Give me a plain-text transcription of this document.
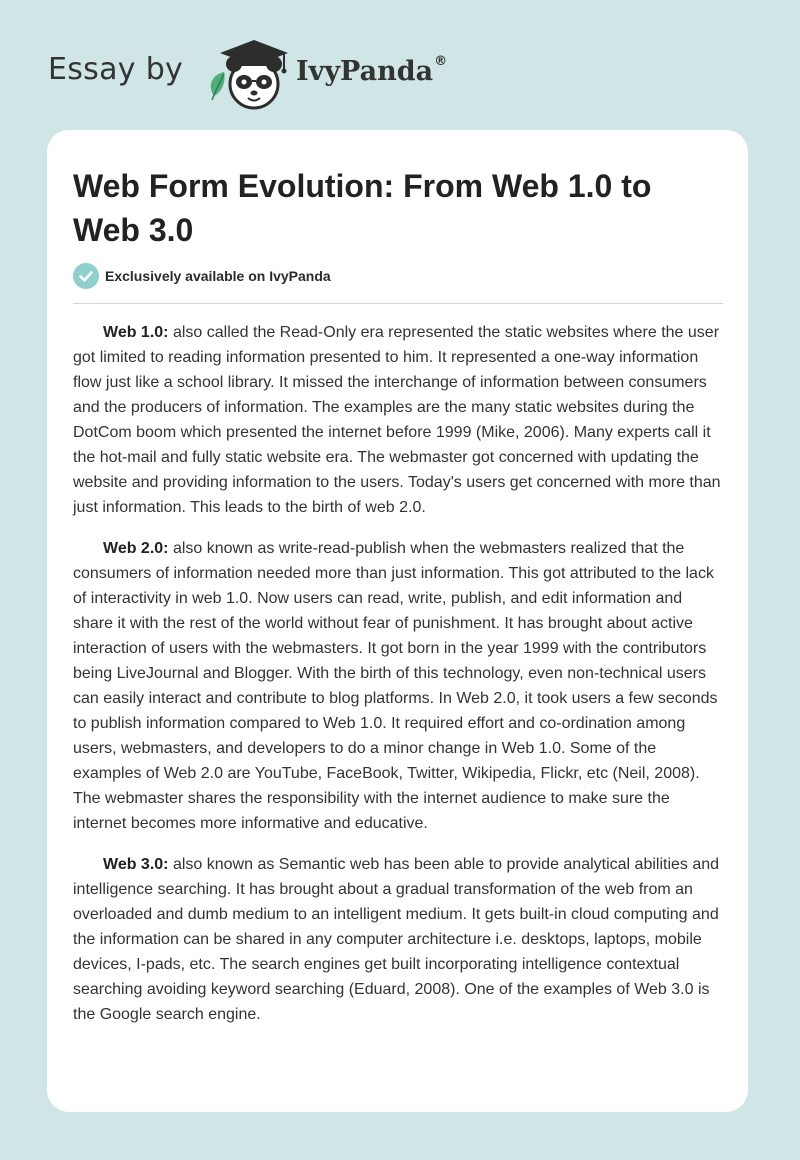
Essay by	IvyPanda®
Web Form Evolution: From Web 1.0 to Web 3.0
Exclusively available on IvyPanda

Web 1.0: also called the Read-Only era represented the static websites where the user got limited to reading information presented to him. It represented a one-way information flow just like a school library. It missed the interchange of information between consumers and the producers of information. The examples are the many static websites during the DotCom boom which presented the internet before 1999 (Mike, 2006). Many experts call it the hot-mail and fully static website era. The webmaster got concerned with updating the website and providing information to the users. Today's users get concerned with more than just information. This leads to the birth of web 2.0.

Web 2.0: also known as write-read-publish when the webmasters realized that the consumers of information needed more than just information. This got attributed to the lack of interactivity in web 1.0. Now users can read, write, publish, and edit information and share it with the rest of the world without fear of punishment. It has brought about active interaction of users with the webmasters. It got born in the year 1999 with the contributors being LiveJournal and Blogger. With the birth of this technology, even non-technical users can easily interact and contribute to blog platforms. In Web 2.0, it took users a few seconds to publish information compared to Web 1.0. It required effort and co-ordination among users, webmasters, and developers to do a minor change in Web 1.0. Some of the examples of Web 2.0 are YouTube, FaceBook, Twitter, Wikipedia, Flickr, etc (Neil, 2008). The webmaster shares the responsibility with the internet audience to make sure the internet becomes more informative and educative.

Web 3.0: also known as Semantic web has been able to provide analytical abilities and intelligence searching. It has brought about a gradual transformation of the web from an overloaded and dumb medium to an intelligent medium. It gets built-in cloud computing and the information can be shared in any computer architecture i.e. desktops, laptops, mobile devices, I-pads, etc. The search engines get built incorporating intelligence contextual searching avoiding keyword searching (Eduard, 2008). One of the examples of Web 3.0 is the Google search engine.
